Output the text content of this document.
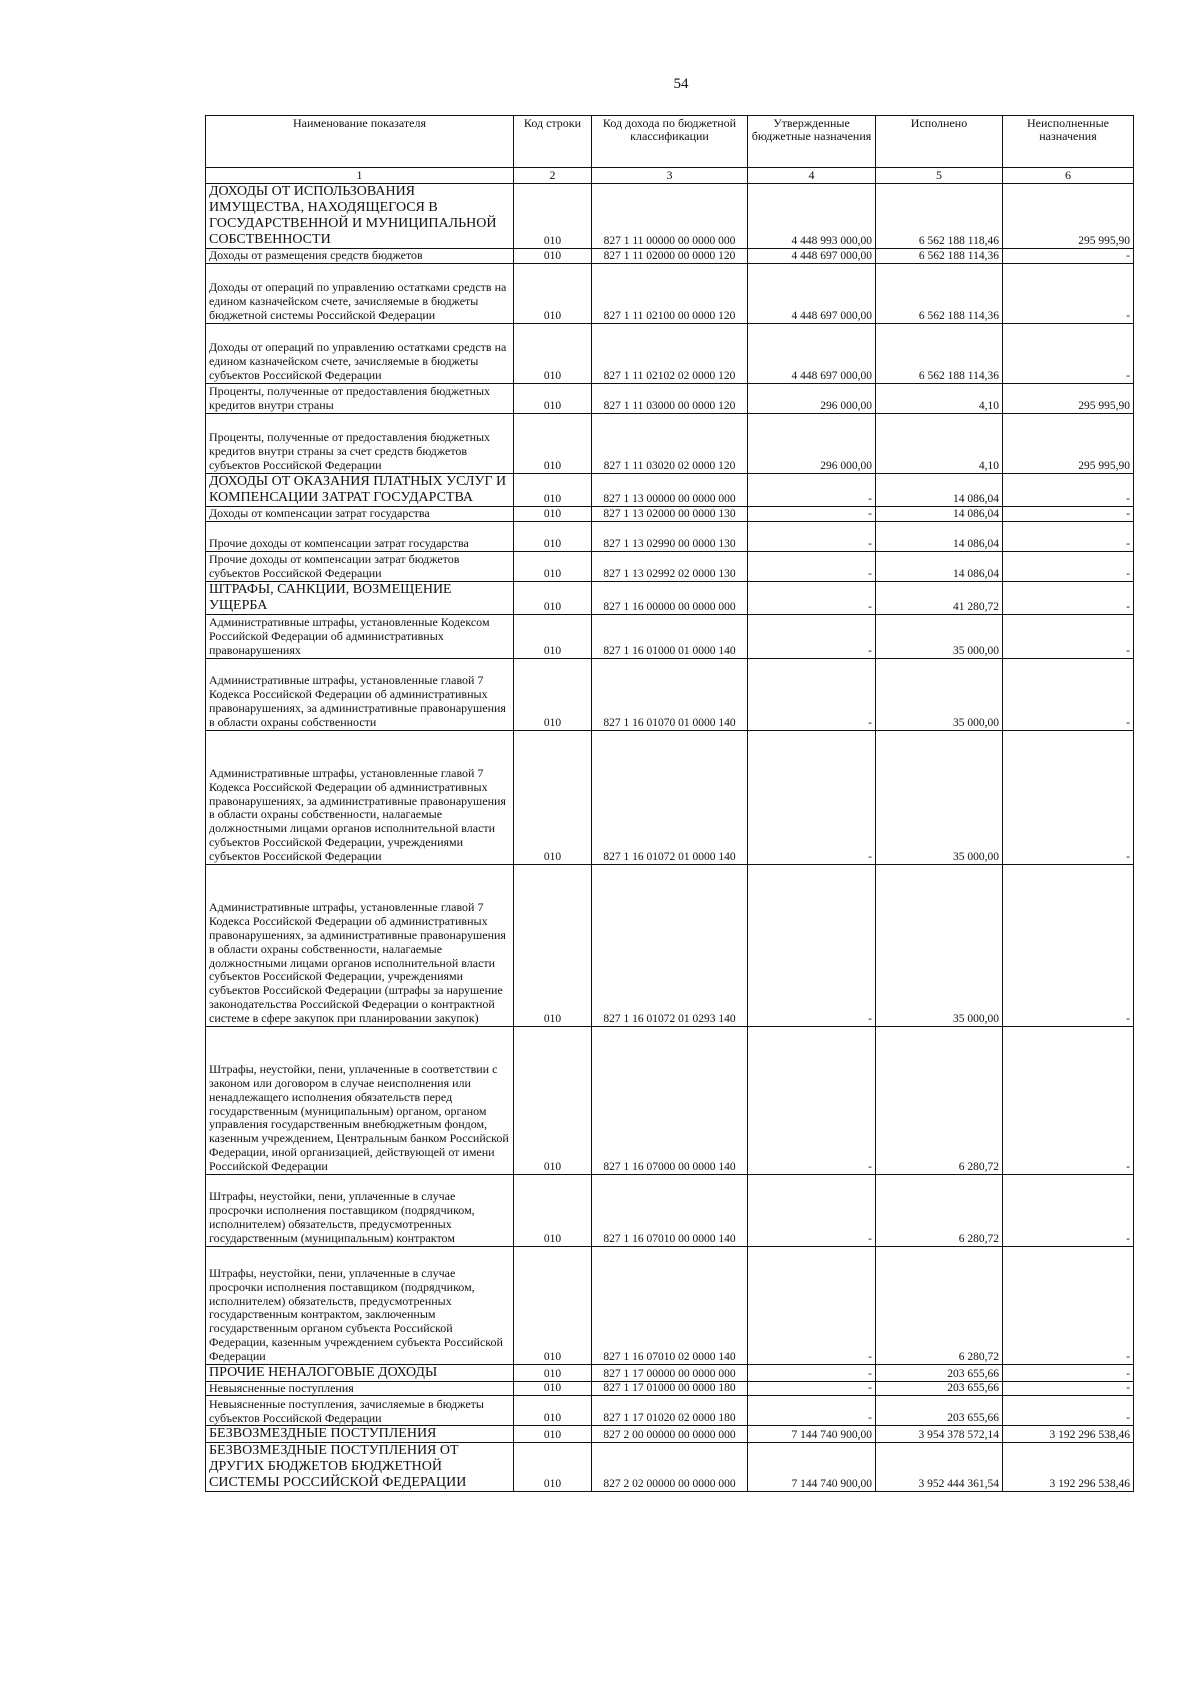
54
Наименование показателя	Код строки	Код дохода по бюджетной классификации	Утвержденные бюджетные назначения	Исполнено	Неисполненные назначения
1	2	3	4	5	6
ДОХОДЫ ОТ ИСПОЛЬЗОВАНИЯ ИМУЩЕСТВА, НАХОДЯЩЕГОСЯ В ГОСУДАРСТВЕННОЙ И МУНИЦИПАЛЬНОЙ СОБСТВЕННОСТИ	010	827 1 11 00000 00 0000 000	4 448 993 000,00	6 562 188 118,46	295 995,90
Доходы от размещения средств бюджетов	010	827 1 11 02000 00 0000 120	4 448 697 000,00	6 562 188 114,36	-
Доходы от операций по управлению остатками средств на едином казначейском счете, зачисляемые в бюджеты бюджетной системы Российской Федерации	010	827 1 11 02100 00 0000 120	4 448 697 000,00	6 562 188 114,36	-
Доходы от операций по управлению остатками средств на едином казначейском счете, зачисляемые в бюджеты субъектов Российской Федерации	010	827 1 11 02102 02 0000 120	4 448 697 000,00	6 562 188 114,36	-
Проценты, полученные от предоставления бюджетных кредитов внутри страны	010	827 1 11 03000 00 0000 120	296 000,00	4,10	295 995,90
Проценты, полученные от предоставления бюджетных кредитов внутри страны за счет средств бюджетов субъектов Российской Федерации	010	827 1 11 03020 02 0000 120	296 000,00	4,10	295 995,90
ДОХОДЫ ОТ ОКАЗАНИЯ ПЛАТНЫХ УСЛУГ И КОМПЕНСАЦИИ ЗАТРАТ ГОСУДАРСТВА	010	827 1 13 00000 00 0000 000	-	14 086,04	-
Доходы от компенсации затрат государства	010	827 1 13 02000 00 0000 130	-	14 086,04	-
Прочие доходы от компенсации затрат государства	010	827 1 13 02990 00 0000 130	-	14 086,04	-
Прочие доходы от компенсации затрат бюджетов субъектов Российской Федерации	010	827 1 13 02992 02 0000 130	-	14 086,04	-
ШТРАФЫ, САНКЦИИ, ВОЗМЕЩЕНИЕ УЩЕРБА	010	827 1 16 00000 00 0000 000	-	41 280,72	-
Административные штрафы, установленные Кодексом Российской Федерации об административных правонарушениях	010	827 1 16 01000 01 0000 140	-	35 000,00	-
Административные штрафы, установленные главой 7 Кодекса Российской Федерации об административных правонарушениях, за административные правонарушения в области охраны собственности	010	827 1 16 01070 01 0000 140	-	35 000,00	-
Административные штрафы, установленные главой 7 Кодекса Российской Федерации об административных правонарушениях, за административные правонарушения в области охраны собственности, налагаемые должностными лицами органов исполнительной власти субъектов Российской Федерации, учреждениями субъектов Российской Федерации	010	827 1 16 01072 01 0000 140	-	35 000,00	-
Административные штрафы, установленные главой 7 Кодекса Российской Федерации об административных правонарушениях, за административные правонарушения в области охраны собственности, налагаемые должностными лицами органов исполнительной власти субъектов Российской Федерации, учреждениями субъектов Российской Федерации (штрафы за нарушение законодательства Российской Федерации о контрактной системе в сфере закупок при планировании закупок)	010	827 1 16 01072 01 0293 140	-	35 000,00	-
Штрафы, неустойки, пени, уплаченные в соответствии с законом или договором в случае неисполнения или ненадлежащего исполнения обязательств перед государственным (муниципальным) органом, органом управления государственным внебюджетным фондом, казенным учреждением, Центральным банком Российской Федерации, иной организацией, действующей от имени Российской Федерации	010	827 1 16 07000 00 0000 140	-	6 280,72	-
Штрафы, неустойки, пени, уплаченные в случае просрочки исполнения поставщиком (подрядчиком, исполнителем) обязательств, предусмотренных государственным (муниципальным) контрактом	010	827 1 16 07010 00 0000 140	-	6 280,72	-
Штрафы, неустойки, пени, уплаченные в случае просрочки исполнения поставщиком (подрядчиком, исполнителем) обязательств, предусмотренных государственным контрактом, заключенным государственным органом субъекта Российской Федерации, казенным учреждением субъекта Российской Федерации	010	827 1 16 07010 02 0000 140	-	6 280,72	-
ПРОЧИЕ НЕНАЛОГОВЫЕ ДОХОДЫ	010	827 1 17 00000 00 0000 000	-	203 655,66	-
Невыясненные поступления	010	827 1 17 01000 00 0000 180	-	203 655,66	-
Невыясненные поступления, зачисляемые в бюджеты субъектов Российской Федерации	010	827 1 17 01020 02 0000 180	-	203 655,66	-
БЕЗВОЗМЕЗДНЫЕ ПОСТУПЛЕНИЯ	010	827 2 00 00000 00 0000 000	7 144 740 900,00	3 954 378 572,14	3 192 296 538,46
БЕЗВОЗМЕЗДНЫЕ ПОСТУПЛЕНИЯ ОТ ДРУГИХ БЮДЖЕТОВ БЮДЖЕТНОЙ СИСТЕМЫ РОССИЙСКОЙ ФЕДЕРАЦИИ	010	827 2 02 00000 00 0000 000	7 144 740 900,00	3 952 444 361,54	3 192 296 538,46
